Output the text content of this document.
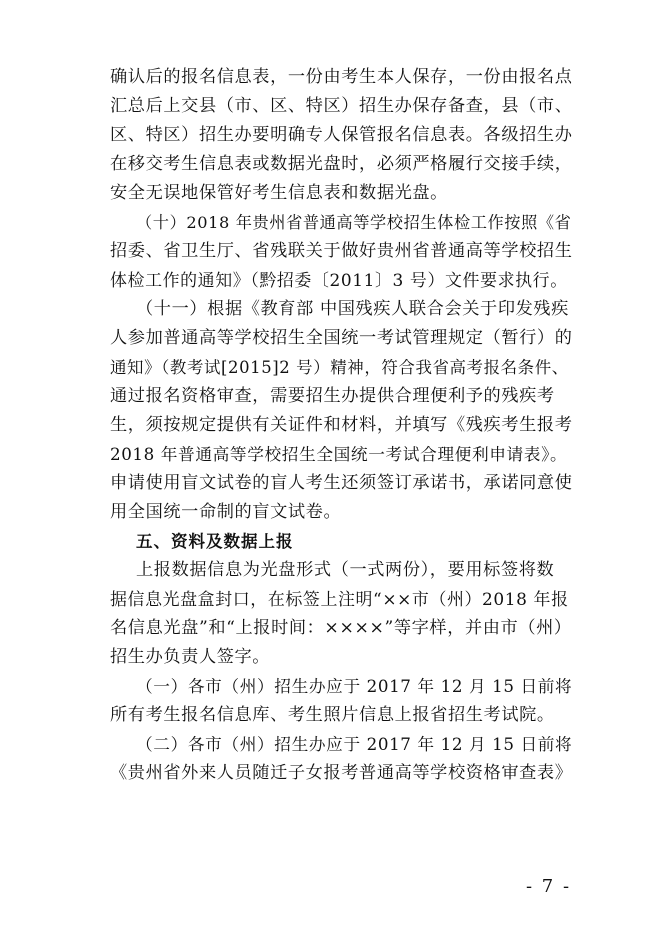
确认后的报名信息表，一份由考生本人保存，一份由报名点
汇总后上交县（市、区、特区）招生办保存备查，县（市、
区、特区）招生办要明确专人保管报名信息表。各级招生办
在移交考生信息表或数据光盘时，必须严格履行交接手续，
安全无误地保管好考生信息表和数据光盘。
（十）2018 年贵州省普通高等学校招生体检工作按照《省
招委、省卫生厅、省残联关于做好贵州省普通高等学校招生
体检工作的通知》（黔招委〔2011〕3 号）文件要求执行。
（十一）根据《教育部 中国残疾人联合会关于印发残疾
人参加普通高等学校招生全国统一考试管理规定（暂行）的
通知》（教考试[2015]2 号）精神，符合我省高考报名条件、
通过报名资格审查，需要招生办提供合理便利予的残疾考
生，须按规定提供有关证件和材料，并填写《残疾考生报考
2018 年普通高等学校招生全国统一考试合理便利申请表》。
申请使用盲文试卷的盲人考生还须签订承诺书，承诺同意使
用全国统一命制的盲文试卷。
五、资料及数据上报
上报数据信息为光盘形式（一式两份），要用标签将数
据信息光盘盒封口，在标签上注明“××市（州）2018 年报
名信息光盘”和“上报时间：××××”等字样，并由市（州）
招生办负责人签字。
（一）各市（州）招生办应于 2017 年 12 月 15 日前将
所有考生报名信息库、考生照片信息上报省招生考试院。
（二）各市（州）招生办应于 2017 年 12 月 15 日前将
《贵州省外来人员随迁子女报考普通高等学校资格审查表》
- 7 -
